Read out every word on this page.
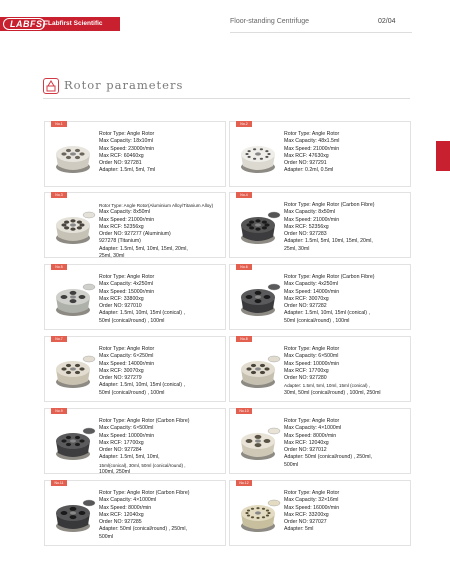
LABFSF Labfirst Scientific	Floor-standing Centrifuge	02/04
Rotor parameters
No.1
Rotor Type: Angle Rotor
Max Capacity: 18x10ml
Max Speed: 23000r/min
Max RCF: 60460xg
Order NO: 927281
Adapter: 1.5ml, 5ml, 7ml
No.2
Rotor Type: Angle Rotor
Max Capacity: 48x1.5ml
Max Speed: 21000r/min
Max RCF: 47630xg
Order NO: 927291
Adapter: 0.2ml, 0.5ml
No.3
Rotor Type: Angle Rotor(Aluminium Alloy/Titanium Alloy)
Max Capacity: 8x50ml
Max Speed: 21000r/min
Max RCF: 52356xg
Order NO: 927277 (Aluminium)
927278 (Titanium)
Adapter: 1.5ml, 5ml, 10ml, 15ml, 20ml,
25ml, 30ml
No.4
Rotor Type: Angle Rotor (Carbon Fibre)
Max Capacity: 8x50ml
Max Speed: 21000r/min
Max RCF: 52356xg
Order NO: 927283
Adapter: 1.5ml, 5ml, 10ml, 15ml, 20ml,
25ml, 30ml
No.5
Rotor Type: Angle Rotor
Max Capacity: 4x250ml
Max Speed: 15000r/min
Max RCF: 33800xg
Order NO: 927010
Adapter: 1.5ml, 10ml, 15ml (conical) ,
50ml (conical/round) , 100ml
No.6
Rotor Type: Angle Rotor (Carbon Fibre)
Max Capacity: 4x250ml
Max Speed: 14000r/min
Max RCF: 30070xg
Order NO: 927282
Adapter: 1.5ml, 10ml, 15ml (conical) ,
50ml (conical/round) , 100ml
No.7
Rotor Type: Angle Rotor
Max Capacity: 6×250ml
Max Speed: 14000r/min
Max RCF: 30070xg
Order NO: 927279
Adapter: 1.5ml, 10ml, 15ml (conical) ,
50ml (conical/round) , 100ml
No.8
Rotor Type: Angle Rotor
Max Capacity: 6×500ml
Max Speed: 10000r/min
Max RCF: 17700xg
Order NO: 927280
Adapter: 1.5ml, 5ml, 10ml, 15ml (conical) ,
30ml, 50ml (conical/round) , 100ml, 250ml
No.9
Rotor Type: Angle Rotor (Carbon Fibre)
Max Capacity: 6×500ml
Max Speed: 10000r/min
Max RCF: 17700xg
Order NO: 927284
Adapter: 1.5ml, 5ml, 10ml,
15ml(conical), 30ml, 50ml (conical/round) ,
100ml, 250ml
No.10
Rotor Type: Angle Rotor
Max Capacity: 4×1000ml
Max Speed: 8000r/min
Max RCF: 12040xg
Order NO: 927012
Adapter: 50ml (conical/round) , 250ml,
500ml
No.11
Rotor Type: Angle Rotor (Carbon Fibre)
Max Capacity: 4×1000ml
Max Speed: 8000r/min
Max RCF: 12040xg
Order NO: 927285
Adapter: 50ml (conical/round) , 250ml,
500ml
No.12
Rotor Type: Angle Rotor
Max Capacity: 32×16ml
Max Speed: 16000r/min
Max RCF: 33200xg
Order NO: 927027
Adapter: 5ml
